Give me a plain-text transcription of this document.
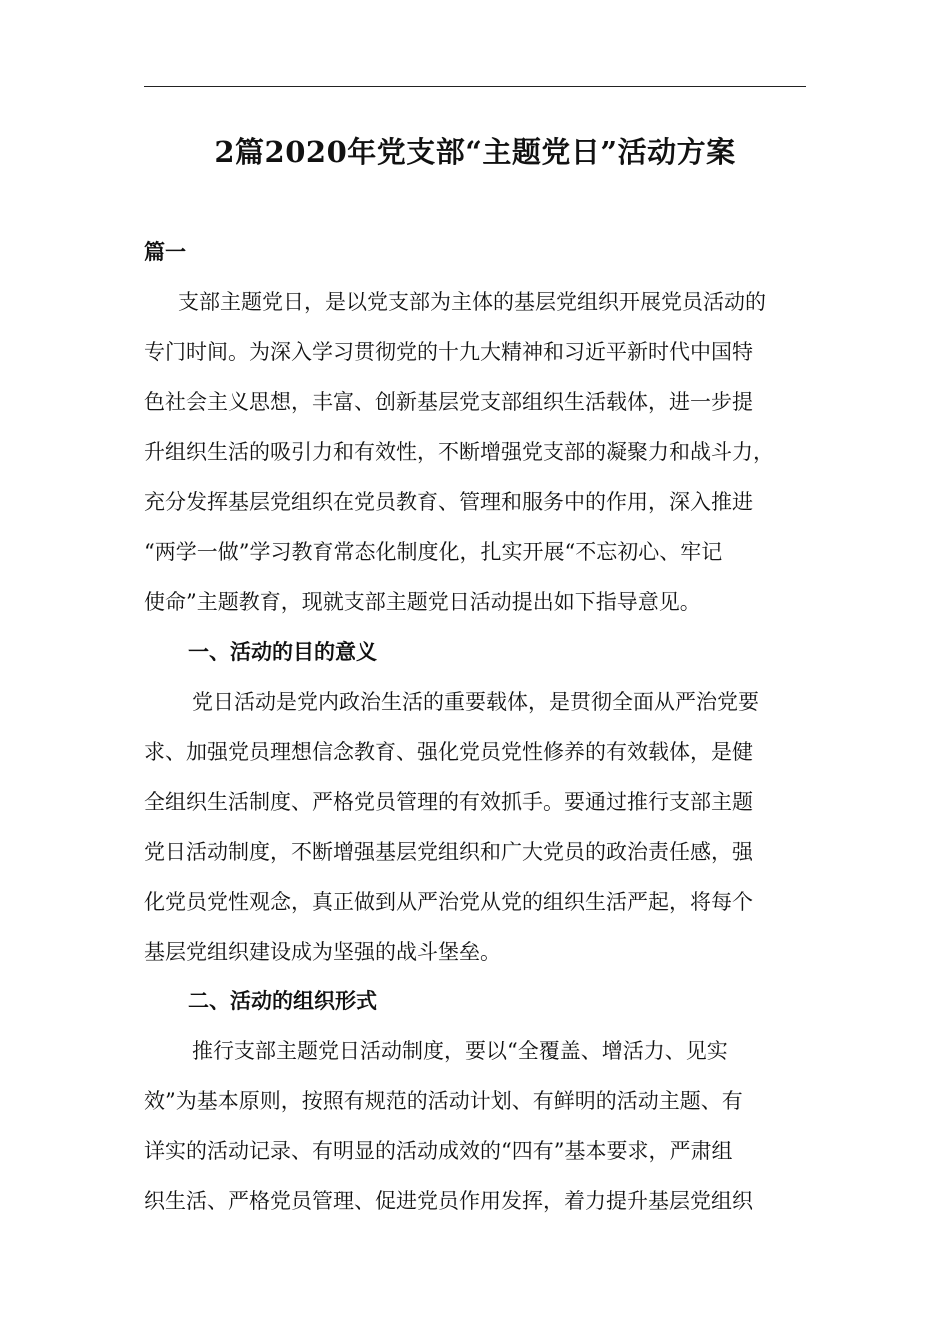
2篇2020年党支部“主题党日”活动方案
篇一
支部主题党日，是以党支部为主体的基层党组织开展党员活动的
专门时间。为深入学习贯彻党的十九大精神和习近平新时代中国特
色社会主义思想，丰富、创新基层党支部组织生活载体，进一步提
升组织生活的吸引力和有效性，不断增强党支部的凝聚力和战斗力，
充分发挥基层党组织在党员教育、管理和服务中的作用，深入推进
“两学一做”学习教育常态化制度化，扎实开展“不忘初心、牢记
使命”主题教育，现就支部主题党日活动提出如下指导意见。
一、活动的目的意义
党日活动是党内政治生活的重要载体，是贯彻全面从严治党要
求、加强党员理想信念教育、强化党员党性修养的有效载体，是健
全组织生活制度、严格党员管理的有效抓手。要通过推行支部主题
党日活动制度，不断增强基层党组织和广大党员的政治责任感，强
化党员党性观念，真正做到从严治党从党的组织生活严起，将每个
基层党组织建设成为坚强的战斗堡垒。
二、活动的组织形式
推行支部主题党日活动制度，要以“全覆盖、增活力、见实
效”为基本原则，按照有规范的活动计划、有鲜明的活动主题、有
详实的活动记录、有明显的活动成效的“四有”基本要求，严肃组
织生活、严格党员管理、促进党员作用发挥，着力提升基层党组织
